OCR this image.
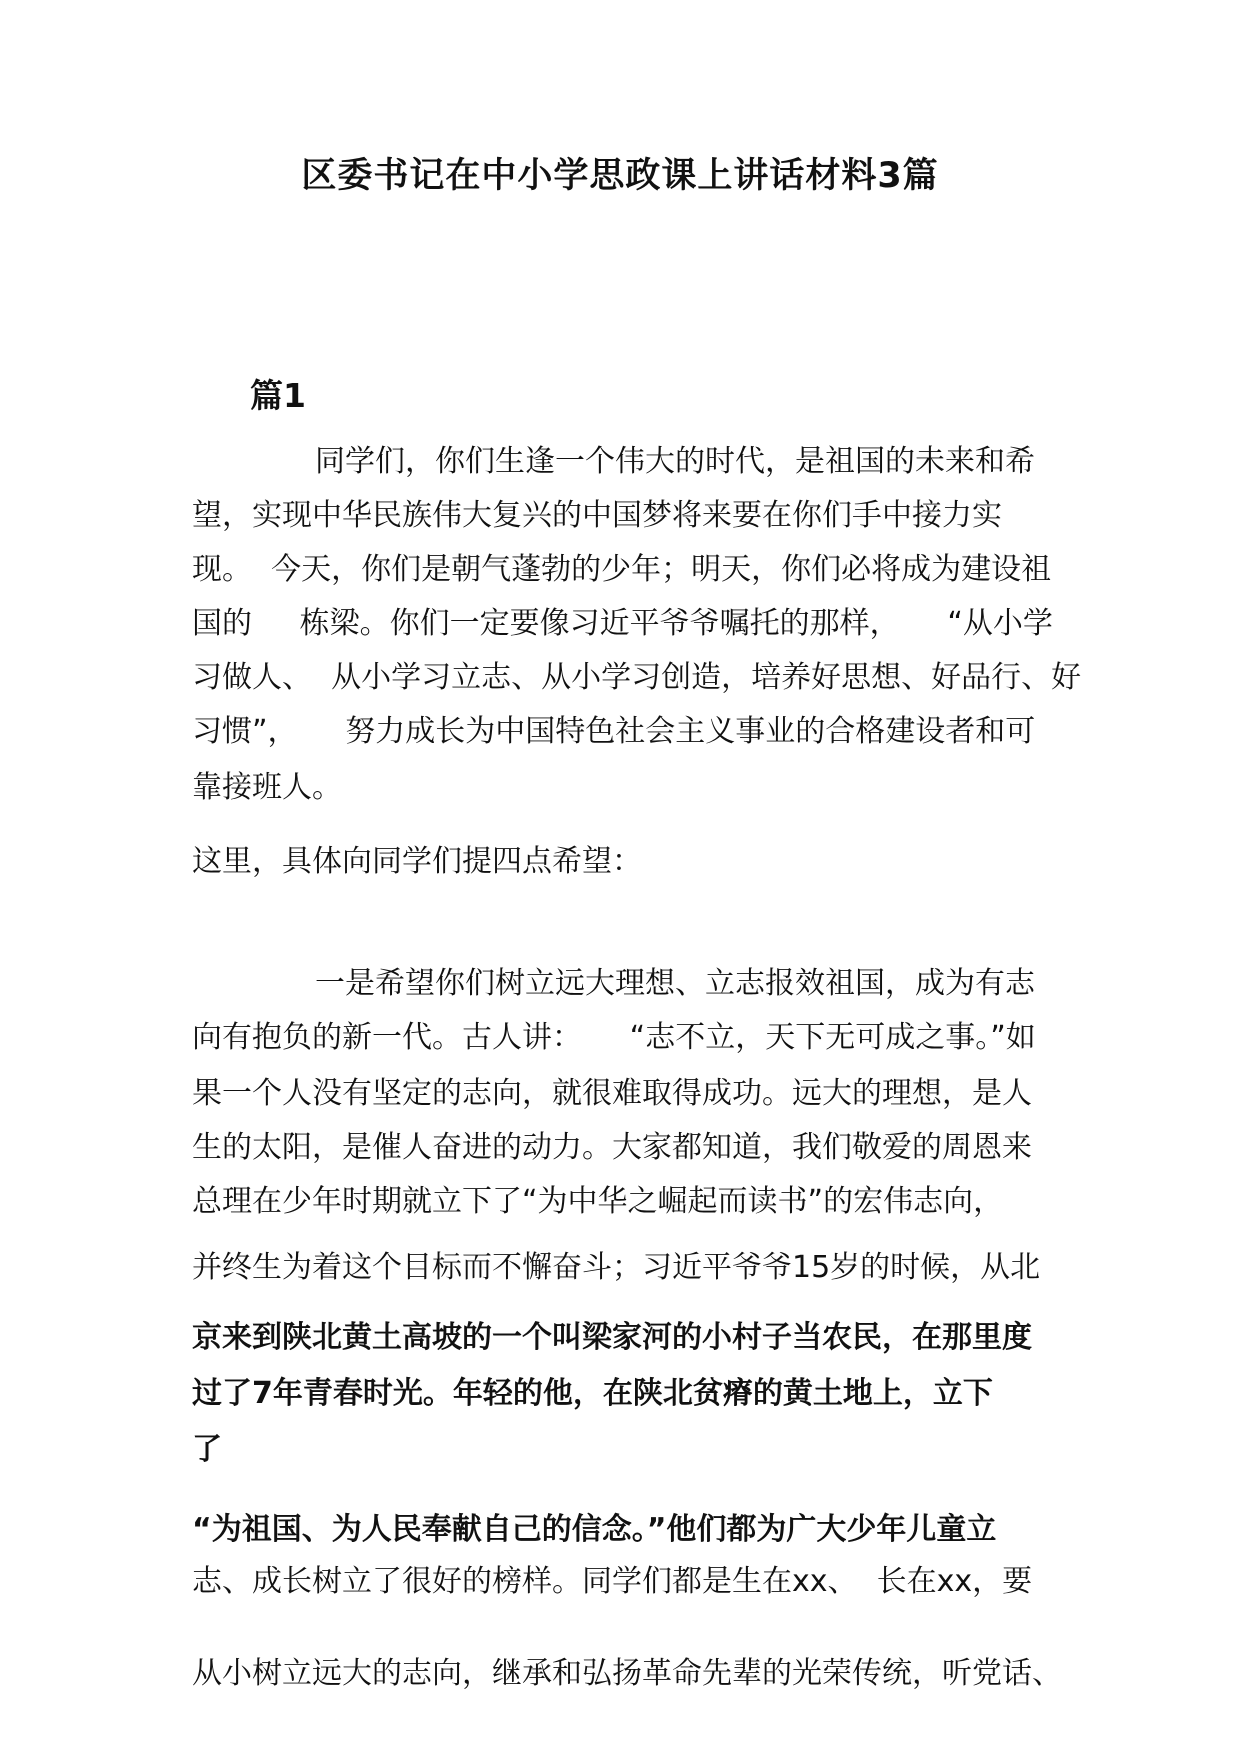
区委书记在中小学思政课上讲话材料3篇
篇1
同学们，你们生逢一个伟大的时代，是祖国的未来和希
望，实现中华民族伟大复兴的中国梦将来要在你们手中接力实
现。  今天，你们是朝气蓬勃的少年；明天，你们必将成为建设祖
国的     栋梁。你们一定要像习近平爷爷嘱托的那样，     “从小学
习做人、  从小学习立志、从小学习创造，培养好思想、好品行、好
习惯”，     努力成长为中国特色社会主义事业的合格建设者和可
靠接班人。
这里，具体向同学们提四点希望：
一是希望你们树立远大理想、立志报效祖国，成为有志
向有抱负的新一代。古人讲：     “志不立，天下无可成之事。”如
果一个人没有坚定的志向，就很难取得成功。远大的理想，是人
生的太阳，是催人奋进的动力。大家都知道，我们敬爱的周恩来
总理在少年时期就立下了“为中华之崛起而读书”的宏伟志向，
并终生为着这个目标而不懈奋斗；习近平爷爷15岁的时候，从北
京来到陕北黄土高坡的一个叫梁家河的小村子当农民，在那里度
过了7年青春时光。年轻的他，在陕北贫瘠的黄土地上，立下
了
“为祖国、为人民奉献自己的信念。”他们都为广大少年儿童立
志、成长树立了很好的榜样。同学们都是生在xx、  长在xx，要
从小树立远大的志向，继承和弘扬革命先辈的光荣传统，听党话、
